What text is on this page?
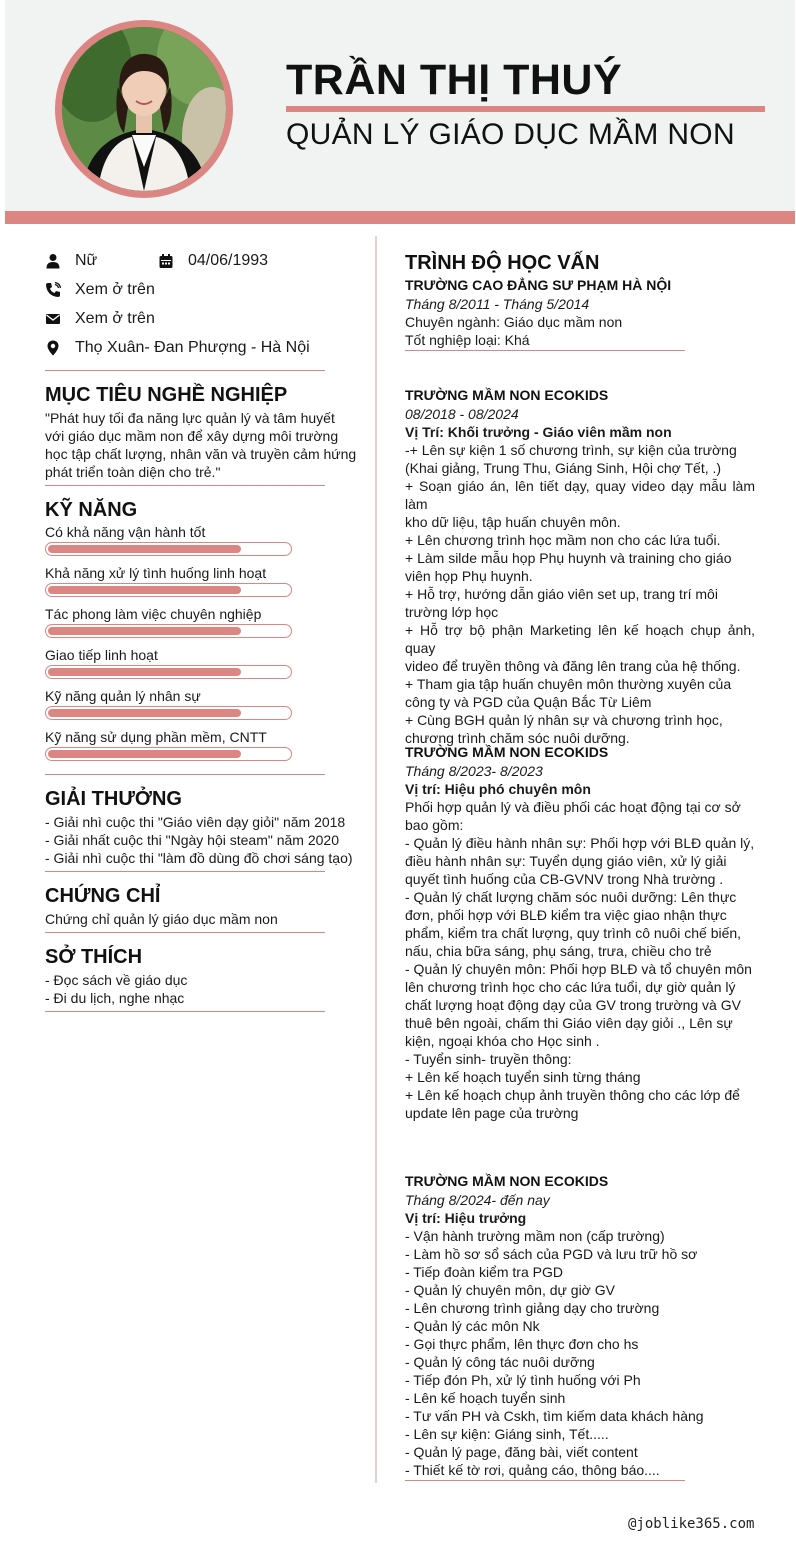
TRẦN THỊ THUÝ
QUẢN LÝ GIÁO DỤC MẦM NON
Nữ	04/06/1993
Xem ở trên
Xem ở trên
Thọ Xuân- Đan Phượng - Hà Nội
MỤC TIÊU NGHỀ NGHIỆP
"Phát huy tối đa năng lực quản lý và tâm huyết
với giáo dục mầm non để xây dựng môi trường
học tập chất lượng, nhân văn và truyền cảm hứng
phát triển toàn diện cho trẻ."
KỸ NĂNG
Có khả năng vận hành tốt
Khả năng xử lý tình huống linh hoạt
Tác phong làm việc chuyên nghiệp
Giao tiếp linh hoạt
Kỹ năng quản lý nhân sự
Kỹ năng sử dụng phần mềm, CNTT
GIẢI THƯỞNG
- Giải nhì cuộc thi "Giáo viên dạy giỏi" năm 2018
- Giải nhất cuộc thi "Ngày hội steam" năm 2020
- Giải nhì cuộc thi "làm đồ dùng đồ chơi sáng tạo)
CHỨNG CHỈ
Chứng chỉ quản lý giáo dục mầm non
SỞ THÍCH
- Đọc sách về giáo dục
- Đi du lịch, nghe nhạc
TRÌNH ĐỘ HỌC VẤN
TRƯỜNG CAO ĐẲNG SƯ PHẠM HÀ NỘI
Tháng 8/2011 - Tháng 5/2014
Chuyên ngành: Giáo dục mầm non
Tốt nghiệp loại: Khá
TRƯỜNG MẦM NON ECOKIDS
08/2018 - 08/2024
Vị Trí: Khối trưởng - Giáo viên mầm non
-+ Lên sự kiện 1 số chương trình, sự kiện của trường
(Khai giảng, Trung Thu, Giáng Sinh, Hội chợ Tết, .)
+ Soạn giáo án, lên tiết dạy, quay video dạy mẫu làm làm
kho dữ liệu, tập huấn chuyên môn.
+ Lên chương trình học mầm non cho các lứa tuổi.
+ Làm silde mẫu họp Phụ huynh và training cho giáo
viên họp Phụ huynh.
+ Hỗ trợ, hướng dẫn giáo viên set up, trang trí môi
trường lớp học
+ Hỗ trợ bộ phận Marketing lên kế hoạch chụp ảnh, quay
video để truyền thông và đăng lên trang của hệ thống.
+ Tham gia tập huấn chuyên môn thường xuyên của
công ty và PGD của Quận Bắc Từ Liêm
+ Cùng BGH quản lý nhân sự và chương trình học,
chương trình chăm sóc nuôi dưỡng.
TRƯỜNG MẦM NON ECOKIDS
Tháng 8/2023- 8/2023
Vị trí: Hiệu phó chuyên môn
Phối hợp quản lý và điều phối các hoạt động tại cơ sở
bao gồm:
- Quản lý điều hành nhân sự: Phối hợp với BLĐ quản lý,
điều hành nhân sự: Tuyển dụng giáo viên, xử lý giải
quyết tình huống của CB-GVNV trong Nhà trường .
- Quản lý chất lượng chăm sóc nuôi dưỡng: Lên thực
đơn, phối hợp với BLĐ kiểm tra việc giao nhận thực
phẩm, kiểm tra chất lượng, quy trình cô nuôi chế biến,
nấu, chia bữa sáng, phụ sáng, trưa, chiều cho trẻ
- Quản lý chuyên môn: Phối hợp BLĐ và tổ chuyên môn
lên chương trình học cho các lứa tuổi, dự giờ quản lý
chất lượng hoạt động dạy của GV trong trường và GV
thuê bên ngoài, chấm thi Giáo viên dạy giỏi ., Lên sự
kiện, ngoại khóa cho Học sinh .
- Tuyển sinh- truyền thông:
+ Lên kế hoạch tuyển sinh từng tháng
+ Lên kế hoạch chụp ảnh truyền thông cho các lớp để
update lên page của trường
TRƯỜNG MẦM NON ECOKIDS
Tháng 8/2024- đến nay
Vị trí: Hiệu trưởng
- Vận hành trường mầm non (cấp trường)
- Làm hồ sơ sổ sách của PGD và lưu trữ hồ sơ
- Tiếp đoàn kiểm tra PGD
- Quản lý chuyên môn, dự giờ GV
- Lên chương trình giảng dạy cho trường
- Quản lý các môn Nk
- Gọi thực phẩm, lên thực đơn cho hs
- Quản lý công tác nuôi dưỡng
- Tiếp đón Ph, xử lý tình huống với Ph
- Lên kế hoạch tuyển sinh
- Tư vấn PH và Cskh, tìm kiếm data khách hàng
- Lên sự kiện: Giáng sinh, Tết.....
- Quản lý page, đăng bài, viết content
- Thiết kế tờ rơi, quảng cáo, thông báo....
@joblike365.com
